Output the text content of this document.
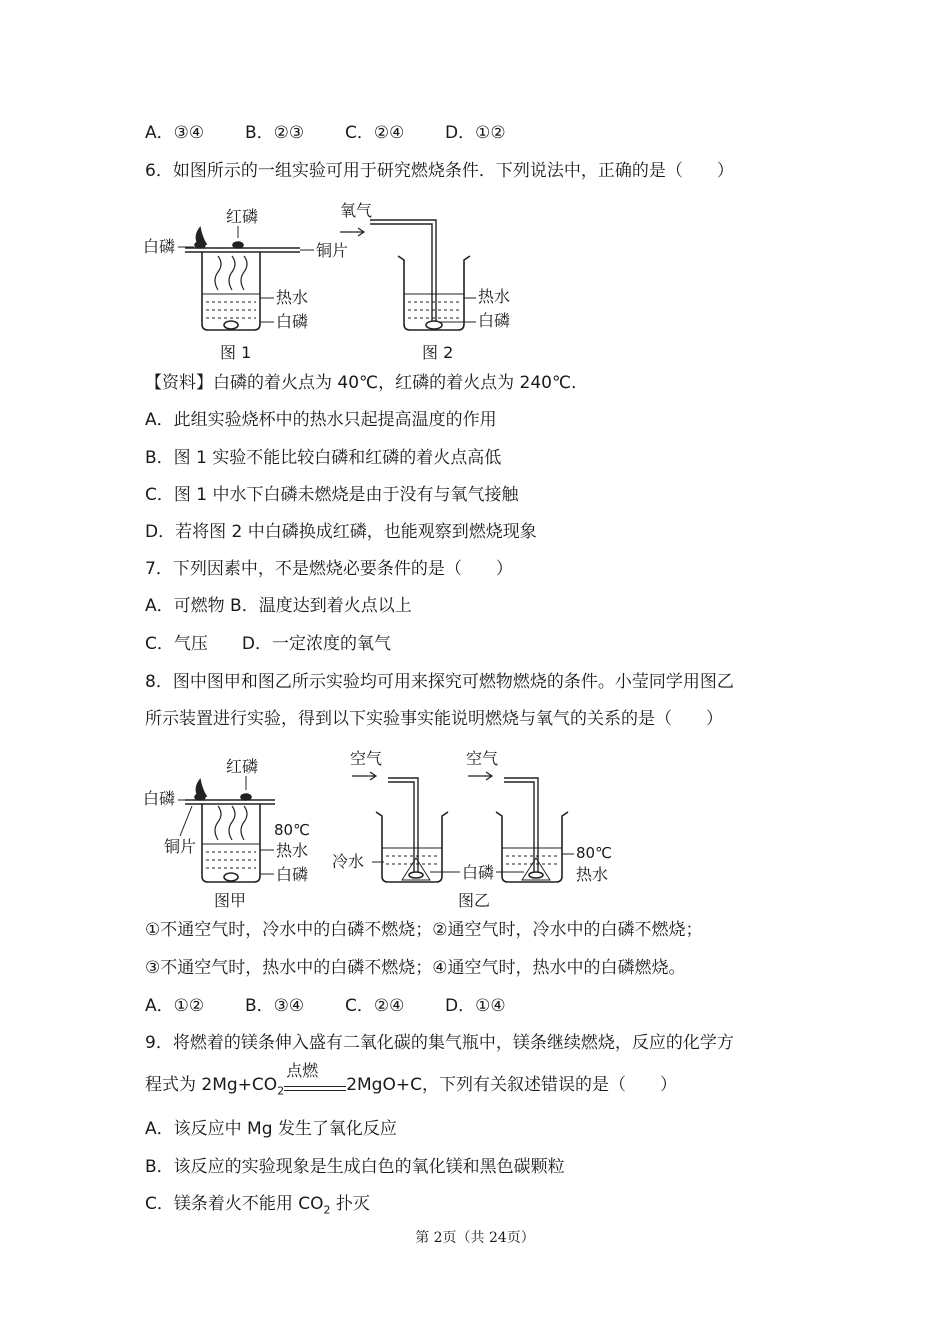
A．③④ B．②③ C．②④ D．①②
6．如图所示的一组实验可用于研究燃烧条件．下列说法中，正确的是（　　）
红磷
白磷	铜片
热水
白磷
图 1
氧气
热水
白磷
图 2
【资料】白磷的着火点为 40℃，红磷的着火点为 240℃．
A．此组实验烧杯中的热水只起提高温度的作用
B．图 1 实验不能比较白磷和红磷的着火点高低
C．图 1 中水下白磷未燃烧是由于没有与氧气接触
D．若将图 2 中白磷换成红磷，也能观察到燃烧现象
7．下列因素中，不是燃烧必要条件的是（　　）
A．可燃物 B．温度达到着火点以上
C．气压　　D．一定浓度的氧气
8．图中图甲和图乙所示实验均可用来探究可燃物燃烧的条件。小莹同学用图乙
所示装置进行实验，得到以下实验事实能说明燃烧与氧气的关系的是（　　）
红磷
白磷
铜片
80℃
热水
白磷
图甲
空气	空气
冷水
白磷
80℃
热水
图乙
①不通空气时，冷水中的白磷不燃烧；②通空气时，冷水中的白磷不燃烧；
③不通空气时，热水中的白磷不燃烧；④通空气时，热水中的白磷燃烧。
A．①② B．③④ C．②④ D．①④
9．将燃着的镁条伸入盛有二氧化碳的集气瓶中，镁条继续燃烧，反应的化学方
程式为 $2Mg+CO_2$
点燃
2MgO+C，下列有关叙述错误的是（　　）
A．该反应中 Mg 发生了氧化反应
B．该反应的实验现象是生成白色的氧化镁和黑色碳颗粒
C．镁条着火不能用 $CO_2$ 扑灭
第 2页（共 24页）
